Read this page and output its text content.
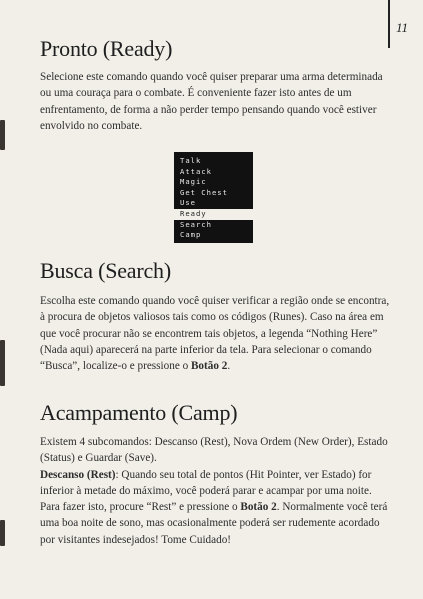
11
Pronto (Ready)

Selecione este comando quando você quiser preparar uma arma determinada ou uma couraça para o combate. É conveniente fazer isto antes de um enfrentamento, de forma a não perder tempo pensando quando você estiver envolvido no combate.

Talk
Attack
Magic
Get Chest
Use
Ready
Search
Camp
Busca (Search)

Escolha este comando quando você quiser verificar a região onde se encontra, à procura de objetos valiosos tais como os códigos (Runes). Caso na área em que você procurar não se encontrem tais objetos, a legenda “Nothing Here” (Nada aqui) aparecerá na parte inferior da tela. Para selecionar o comando “Busca”, localize-o e pressione o Botão 2.

Acampamento (Camp)

Existem 4 subcomandos: Descanso (Rest), Nova Ordem (New Order), Estado (Status) e Guardar (Save).
Descanso (Rest): Quando seu total de pontos (Hit Pointer, ver Estado) for inferior à metade do máximo, você poderá parar e acampar por uma noite. Para fazer isto, procure “Rest” e pressione o Botão 2. Normalmente você terá uma boa noite de sono, mas ocasionalmente poderá ser rudemente acordado por visitantes indesejados! Tome Cuidado!
